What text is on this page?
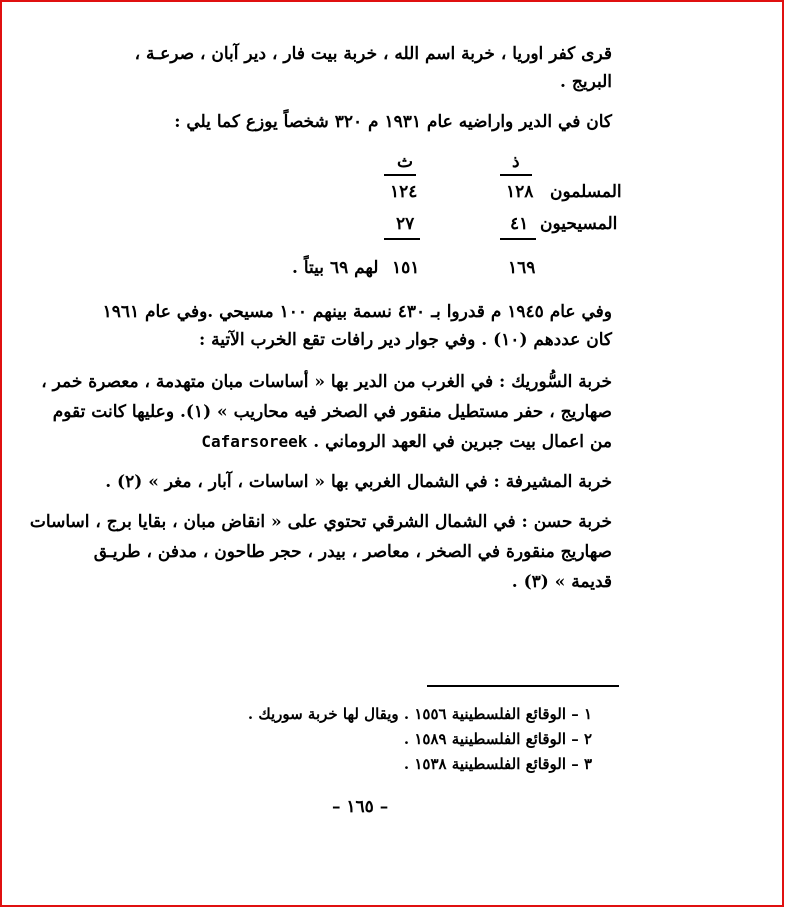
قرى كفر اوريا ، خربة اسم الله ، خربة بيت فار ، دير آبان ، صرعـة ،
البريج .
كان في الدير واراضيه عام ١٩٣١ م ٣٢٠ شخصاً يوزع كما يلي :
ذ
ث
المسلمون
١٢٨
١٢٤
المسيحيون
٤١
٢٧
١٦٩
١٥١
لهم ٦٩ بيتاً .
وفي عام ١٩٤٥ م قدروا بـ ٤٣٠ نسمة بينهم ١٠٠ مسيحي .وفي عام ١٩٦١
كان عددهم (١٠) . وفي جوار دير رافات تقع الخرب الآتية :
خربة السُّوريك : في الغرب من الدير بها « أساسات مبان متهدمة ، معصرة خمر ،
صهاريج ، حفر مستطيل منقور في الصخر فيه محاريب » (١). وعليها كانت تقوم
من اعمال بيت جبرين في العهد الروماني . Cafarsoreek
خربة المشيرفة : في الشمال الغربي بها « اساسات ، آبار ، مغر » (٢) .
خربة حسن : في الشمال الشرقي تحتوي على « انقاض مبان ، بقايا برج ، اساسات
صهاريج منقورة في الصخر ، معاصر ، بيدر ، حجر طاحون ، مدفن ، طريـق
قديمة » (٣) .
١ – الوقائع الفلسطينية ١٥٥٦ . ويقال لها خربة سوريك .
٢ – الوقائع الفلسطينية ١٥٨٩ .
٣ – الوقائع الفلسطينية ١٥٣٨ .
– ١٦٥ –
